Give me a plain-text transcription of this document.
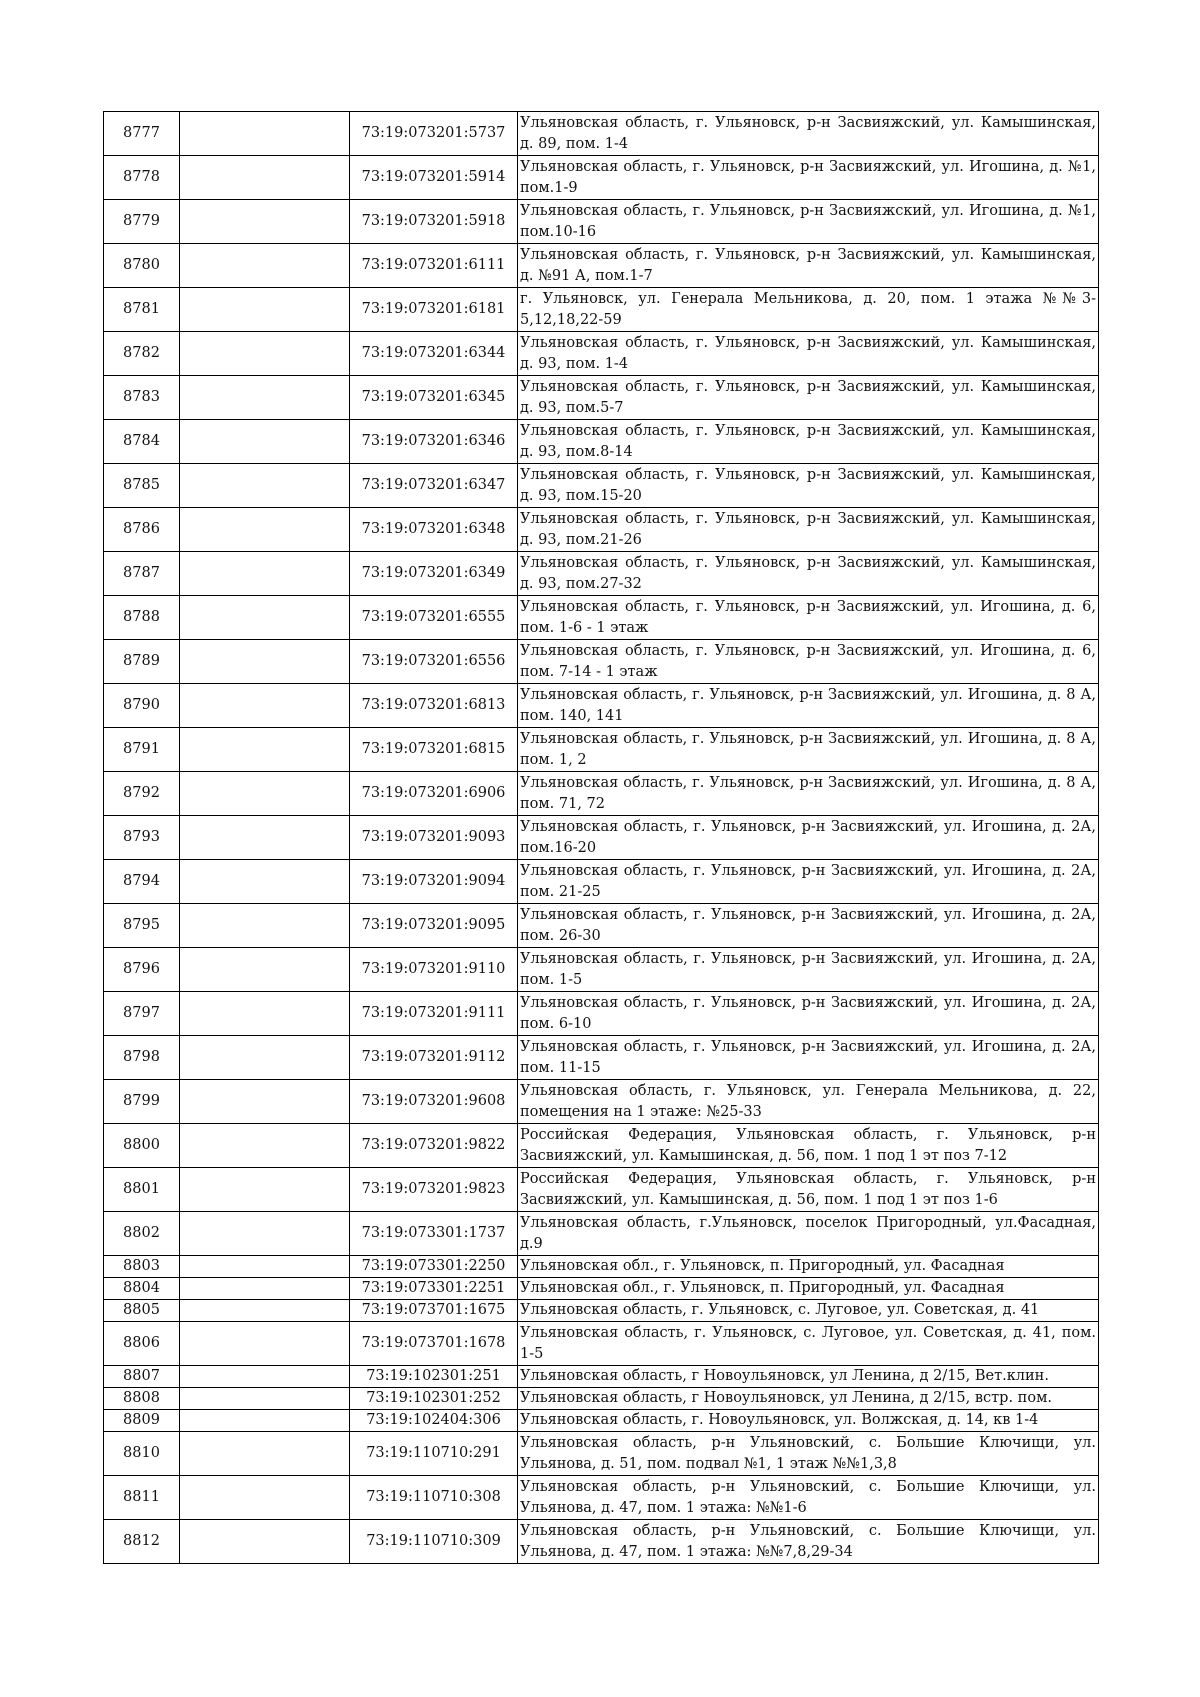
8777		73:19:073201:5737	Ульяновская область, г. Ульяновск, р-н Засвияжский, ул. Камышинская, д. 89, пом. 1-4
8778		73:19:073201:5914	Ульяновская область, г. Ульяновск, р-н Засвияжский, ул. Игошина, д. №1, пом.1-9
8779		73:19:073201:5918	Ульяновская область, г. Ульяновск, р-н Засвияжский, ул. Игошина, д. №1, пом.10-16
8780		73:19:073201:6111	Ульяновская область, г. Ульяновск, р-н Засвияжский, ул. Камышинская, д. №91 А, пом.1-7
8781		73:19:073201:6181	г. Ульяновск, ул. Генерала Мельникова, д. 20, пом. 1 этажа №№3-5,12,18,22-59
8782		73:19:073201:6344	Ульяновская область, г. Ульяновск, р-н Засвияжский, ул. Камышинская, д. 93, пом. 1-4
8783		73:19:073201:6345	Ульяновская область, г. Ульяновск, р-н Засвияжский, ул. Камышинская, д. 93, пом.5-7
8784		73:19:073201:6346	Ульяновская область, г. Ульяновск, р-н Засвияжский, ул. Камышинская, д. 93, пом.8-14
8785		73:19:073201:6347	Ульяновская область, г. Ульяновск, р-н Засвияжский, ул. Камышинская, д. 93, пом.15-20
8786		73:19:073201:6348	Ульяновская область, г. Ульяновск, р-н Засвияжский, ул. Камышинская, д. 93, пом.21-26
8787		73:19:073201:6349	Ульяновская область, г. Ульяновск, р-н Засвияжский, ул. Камышинская, д. 93, пом.27-32
8788		73:19:073201:6555	Ульяновская область, г. Ульяновск, р-н Засвияжский, ул. Игошина, д. 6, пом. 1-6 - 1 этаж
8789		73:19:073201:6556	Ульяновская область, г. Ульяновск, р-н Засвияжский, ул. Игошина, д. 6, пом. 7-14 - 1 этаж
8790		73:19:073201:6813	Ульяновская область, г. Ульяновск, р-н Засвияжский, ул. Игошина, д. 8 А, пом. 140, 141
8791		73:19:073201:6815	Ульяновская область, г. Ульяновск, р-н Засвияжский, ул. Игошина, д. 8 А, пом. 1, 2
8792		73:19:073201:6906	Ульяновская область, г. Ульяновск, р-н Засвияжский, ул. Игошина, д. 8 А, пом. 71, 72
8793		73:19:073201:9093	Ульяновская область, г. Ульяновск, р-н Засвияжский, ул. Игошина, д. 2А, пом.16-20
8794		73:19:073201:9094	Ульяновская область, г. Ульяновск, р-н Засвияжский, ул. Игошина, д. 2А, пом. 21-25
8795		73:19:073201:9095	Ульяновская область, г. Ульяновск, р-н Засвияжский, ул. Игошина, д. 2А, пом. 26-30
8796		73:19:073201:9110	Ульяновская область, г. Ульяновск, р-н Засвияжский, ул. Игошина, д. 2А, пом. 1-5
8797		73:19:073201:9111	Ульяновская область, г. Ульяновск, р-н Засвияжский, ул. Игошина, д. 2А, пом. 6-10
8798		73:19:073201:9112	Ульяновская область, г. Ульяновск, р-н Засвияжский, ул. Игошина, д. 2А, пом. 11-15
8799		73:19:073201:9608	Ульяновская область, г. Ульяновск, ул. Генерала Мельникова, д. 22, помещения на 1 этаже: №25-33
8800		73:19:073201:9822	Российская Федерация, Ульяновская область, г. Ульяновск, р-н Засвияжский, ул. Камышинская, д. 56, пом. 1 под 1 эт поз 7-12
8801		73:19:073201:9823	Российская Федерация, Ульяновская область, г. Ульяновск, р-н Засвияжский, ул. Камышинская, д. 56, пом. 1 под 1 эт поз 1-6
8802		73:19:073301:1737	Ульяновская область, г.Ульяновск, поселок Пригородный, ул.Фасадная, д.9
8803		73:19:073301:2250	Ульяновская обл., г. Ульяновск, п. Пригородный, ул. Фасадная
8804		73:19:073301:2251	Ульяновская обл., г. Ульяновск, п. Пригородный, ул. Фасадная
8805		73:19:073701:1675	Ульяновская область, г. Ульяновск, с. Луговое, ул. Советская, д. 41
8806		73:19:073701:1678	Ульяновская область, г. Ульяновск, с. Луговое, ул. Советская, д. 41, пом. 1-5
8807		73:19:102301:251	Ульяновская область, г Новоульяновск, ул Ленина, д 2/15, Вет.клин.
8808		73:19:102301:252	Ульяновская область, г Новоульяновск, ул Ленина, д 2/15, встр. пом.
8809		73:19:102404:306	Ульяновская область, г. Новоульяновск, ул. Волжская, д. 14, кв 1-4
8810		73:19:110710:291	Ульяновская область, р-н Ульяновский, с. Большие Ключищи, ул. Ульянова, д. 51, пом. подвал №1, 1 этаж №№1,3,8
8811		73:19:110710:308	Ульяновская область, р-н Ульяновский, с. Большие Ключищи, ул. Ульянова, д. 47, пом. 1 этажа: №№1-6
8812		73:19:110710:309	Ульяновская область, р-н Ульяновский, с. Большие Ключищи, ул. Ульянова, д. 47, пом. 1 этажа: №№7,8,29-34
